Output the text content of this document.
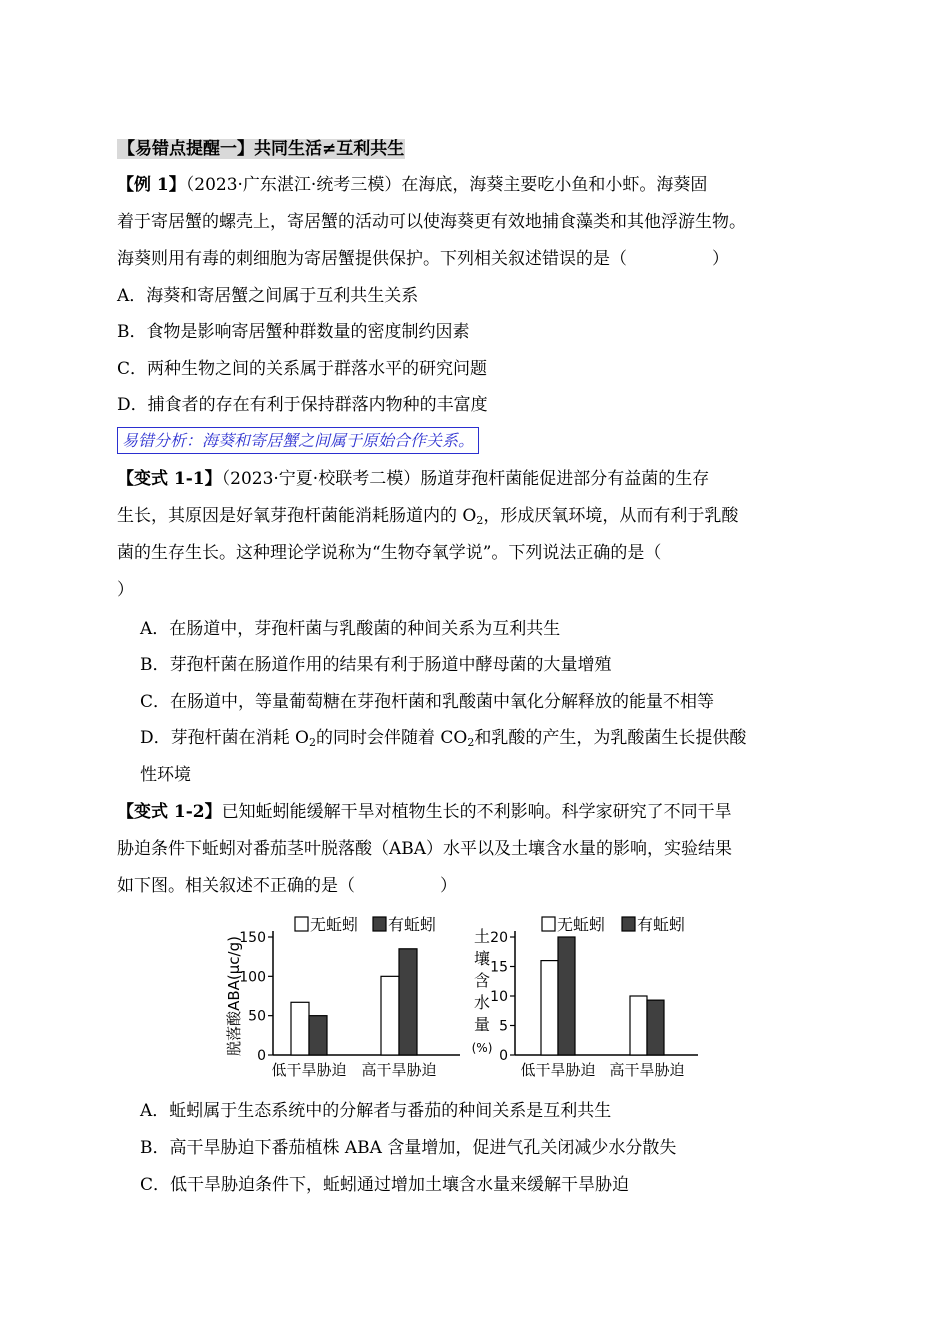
【易错点提醒一】共同生活≠互利共生
【例 1】（2023·广东湛江·统考三模）在海底，海葵主要吃小鱼和小虾。海葵固
着于寄居蟹的螺壳上，寄居蟹的活动可以使海葵更有效地捕食藻类和其他浮游生物。
海葵则用有毒的刺细胞为寄居蟹提供保护。下列相关叙述错误的是（　　　　　）
A．海葵和寄居蟹之间属于互利共生关系
B．食物是影响寄居蟹种群数量的密度制约因素
C．两种生物之间的关系属于群落水平的研究问题
D．捕食者的存在有利于保持群落内物种的丰富度
易错分析：海葵和寄居蟹之间属于原始合作关系。
【变式 1-1】（2023·宁夏·校联考二模）肠道芽孢杆菌能促进部分有益菌的生存
生长，其原因是好氧芽孢杆菌能消耗肠道内的 $O_2$，形成厌氧环境，从而有利于乳酸
菌的生存生长。这种理论学说称为“生物夺氧学说”。下列说法正确的是（
）
A．在肠道中，芽孢杆菌与乳酸菌的种间关系为互利共生
B．芽孢杆菌在肠道作用的结果有利于肠道中酵母菌的大量增殖
C．在肠道中，等量葡萄糖在芽孢杆菌和乳酸菌中氧化分解释放的能量不相等
D．芽孢杆菌在消耗 $O_2$的同时会伴随着 $CO_2$和乳酸的产生，为乳酸菌生长提供酸
性环境
【变式 1-2】已知蚯蚓能缓解干旱对植物生长的不利影响。科学家研究了不同干旱
胁迫条件下蚯蚓对番茄茎叶脱落酸（ABA）水平以及土壤含水量的影响，实验结果
如下图。相关叙述不正确的是（　　　　　）
0
50
100
150
低干旱胁迫 高干旱胁迫
无蚯蚓 有蚯蚓
脱落酸ABA(μc/g)
0
5
10
15
20
低干旱胁迫 高干旱胁迫
无蚯蚓 有蚯蚓
土
壤
含
水
量
(%)
A．蚯蚓属于生态系统中的分解者与番茄的种间关系是互利共生
B．高干旱胁迫下番茄植株 ABA 含量增加，促进气孔关闭减少水分散失
C．低干旱胁迫条件下，蚯蚓通过增加土壤含水量来缓解干旱胁迫
